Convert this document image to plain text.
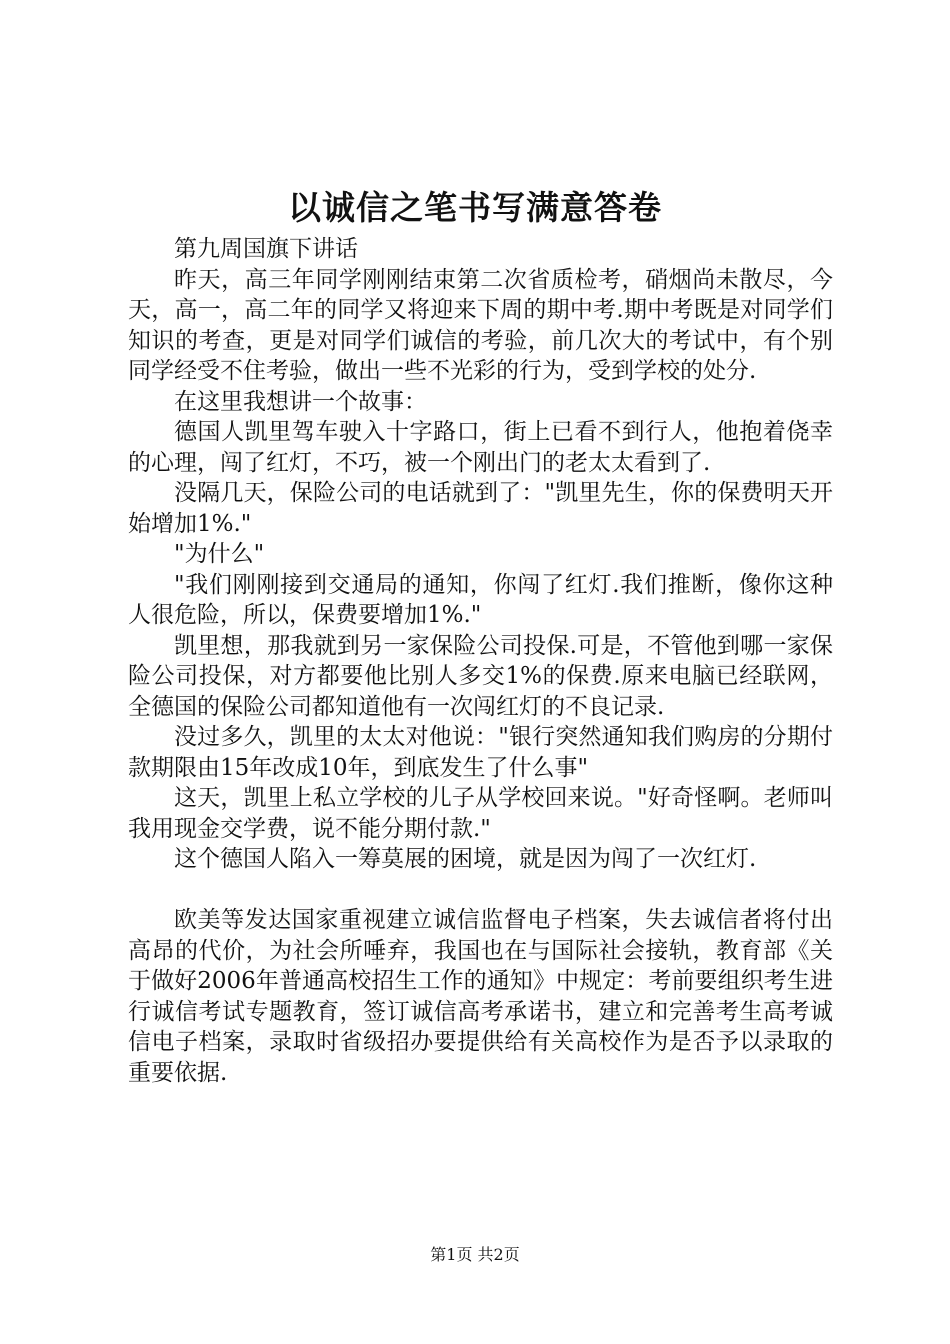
以诚信之笔书写满意答卷

第九周国旗下讲话

昨天，高三年同学刚刚结束第二次省质检考，硝烟尚未散尽，今天，高一，高二年的同学又将迎来下周的期中考.期中考既是对同学们知识的考查，更是对同学们诚信的考验，前几次大的考试中，有个别同学经受不住考验，做出一些不光彩的行为，受到学校的处分.

在这里我想讲一个故事：

德国人凯里驾车驶入十字路口，街上已看不到行人，他抱着侥幸的心理，闯了红灯，不巧，被一个刚出门的老太太看到了.

没隔几天，保险公司的电话就到了："凯里先生，你的保费明天开始增加1%."

"为什么"

"我们刚刚接到交通局的通知，你闯了红灯.我们推断，像你这种人很危险，所以，保费要增加1%."

凯里想，那我就到另一家保险公司投保.可是，不管他到哪一家保险公司投保，对方都要他比别人多交1%的保费.原来电脑已经联网，全德国的保险公司都知道他有一次闯红灯的不良记录.

没过多久，凯里的太太对他说："银行突然通知我们购房的分期付款期限由15年改成10年，到底发生了什么事"

这天，凯里上私立学校的儿子从学校回来说。"好奇怪啊。老师叫我用现金交学费，说不能分期付款."

这个德国人陷入一筹莫展的困境，就是因为闯了一次红灯.

欧美等发达国家重视建立诚信监督电子档案，失去诚信者将付出高昂的代价，为社会所唾弃，我国也在与国际社会接轨，教育部《关于做好2006年普通高校招生工作的通知》中规定：考前要组织考生进行诚信考试专题教育，签订诚信高考承诺书，建立和完善考生高考诚信电子档案，录取时省级招办要提供给有关高校作为是否予以录取的重要依据.

第1页 共2页
